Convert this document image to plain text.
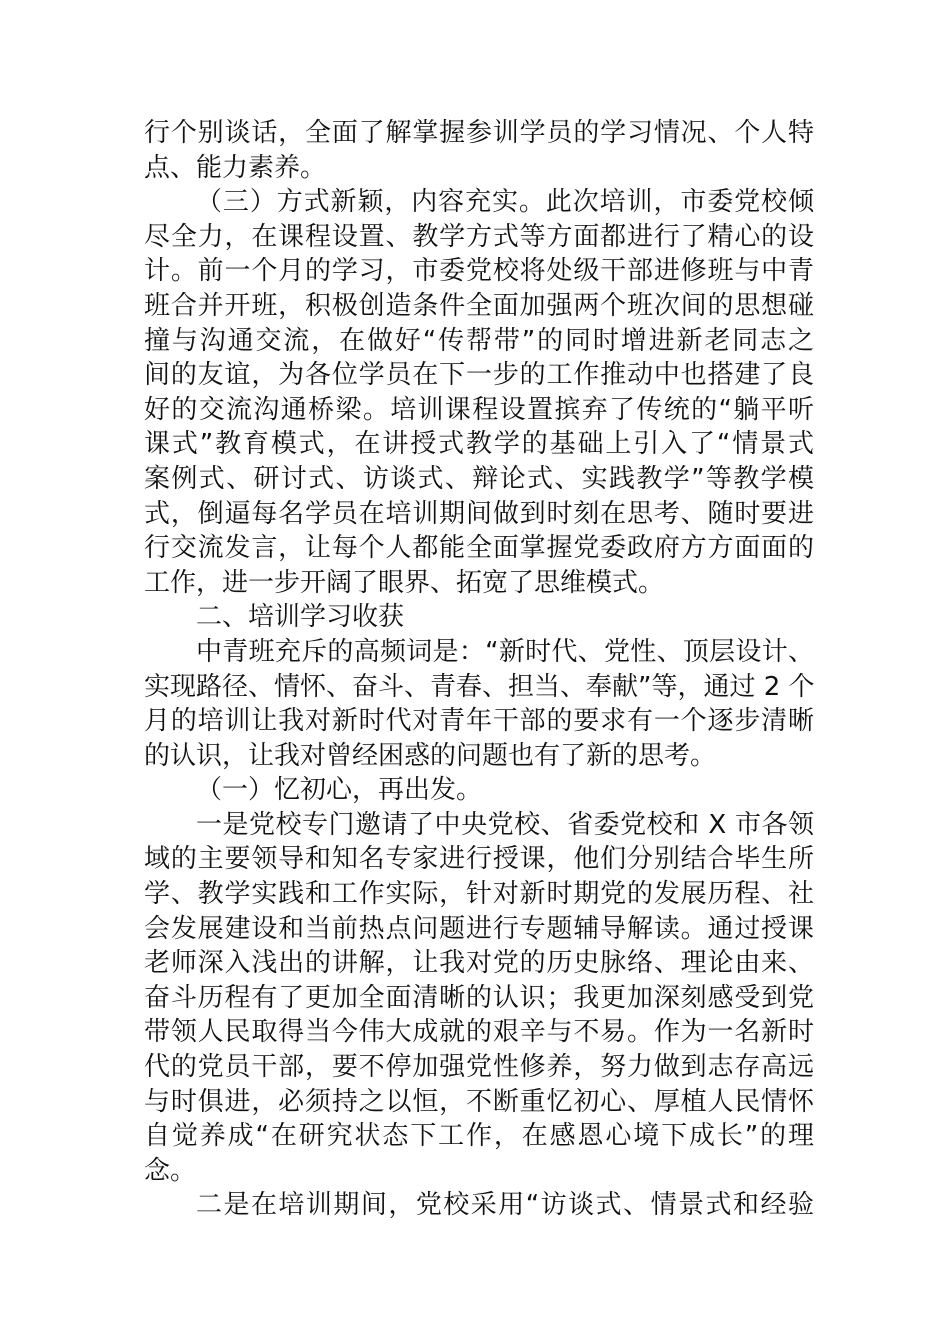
行个别谈话，全面了解掌握参训学员的学习情况、个人特
点、能力素养。
（三）方式新颖，内容充实。此次培训，市委党校倾
尽全力，在课程设置、教学方式等方面都进行了精心的设
计。前一个月的学习，市委党校将处级干部进修班与中青
班合并开班，积极创造条件全面加强两个班次间的思想碰
撞与沟通交流，在做好“传帮带”的同时增进新老同志之
间的友谊，为各位学员在下一步的工作推动中也搭建了良
好的交流沟通桥梁。培训课程设置摈弃了传统的“躺平听
课式”教育模式，在讲授式教学的基础上引入了“情景式
案例式、研讨式、访谈式、辩论式、实践教学”等教学模
式，倒逼每名学员在培训期间做到时刻在思考、随时要进
行交流发言，让每个人都能全面掌握党委政府方方面面的
工作，进一步开阔了眼界、拓宽了思维模式。
二、培训学习收获
中青班充斥的高频词是：“新时代、党性、顶层设计、
实现路径、情怀、奋斗、青春、担当、奉献”等，通过 2 个
月的培训让我对新时代对青年干部的要求有一个逐步清晰
的认识，让我对曾经困惑的问题也有了新的思考。
（一）忆初心，再出发。
一是党校专门邀请了中央党校、省委党校和 X 市各领
域的主要领导和知名专家进行授课，他们分别结合毕生所
学、教学实践和工作实际，针对新时期党的发展历程、社
会发展建设和当前热点问题进行专题辅导解读。通过授课
老师深入浅出的讲解，让我对党的历史脉络、理论由来、
奋斗历程有了更加全面清晰的认识；我更加深刻感受到党
带领人民取得当今伟大成就的艰辛与不易。作为一名新时
代的党员干部，要不停加强党性修养，努力做到志存高远
与时俱进，必须持之以恒，不断重忆初心、厚植人民情怀
自觉养成“在研究状态下工作，在感恩心境下成长”的理
念。
二是在培训期间，党校采用“访谈式、情景式和经验
